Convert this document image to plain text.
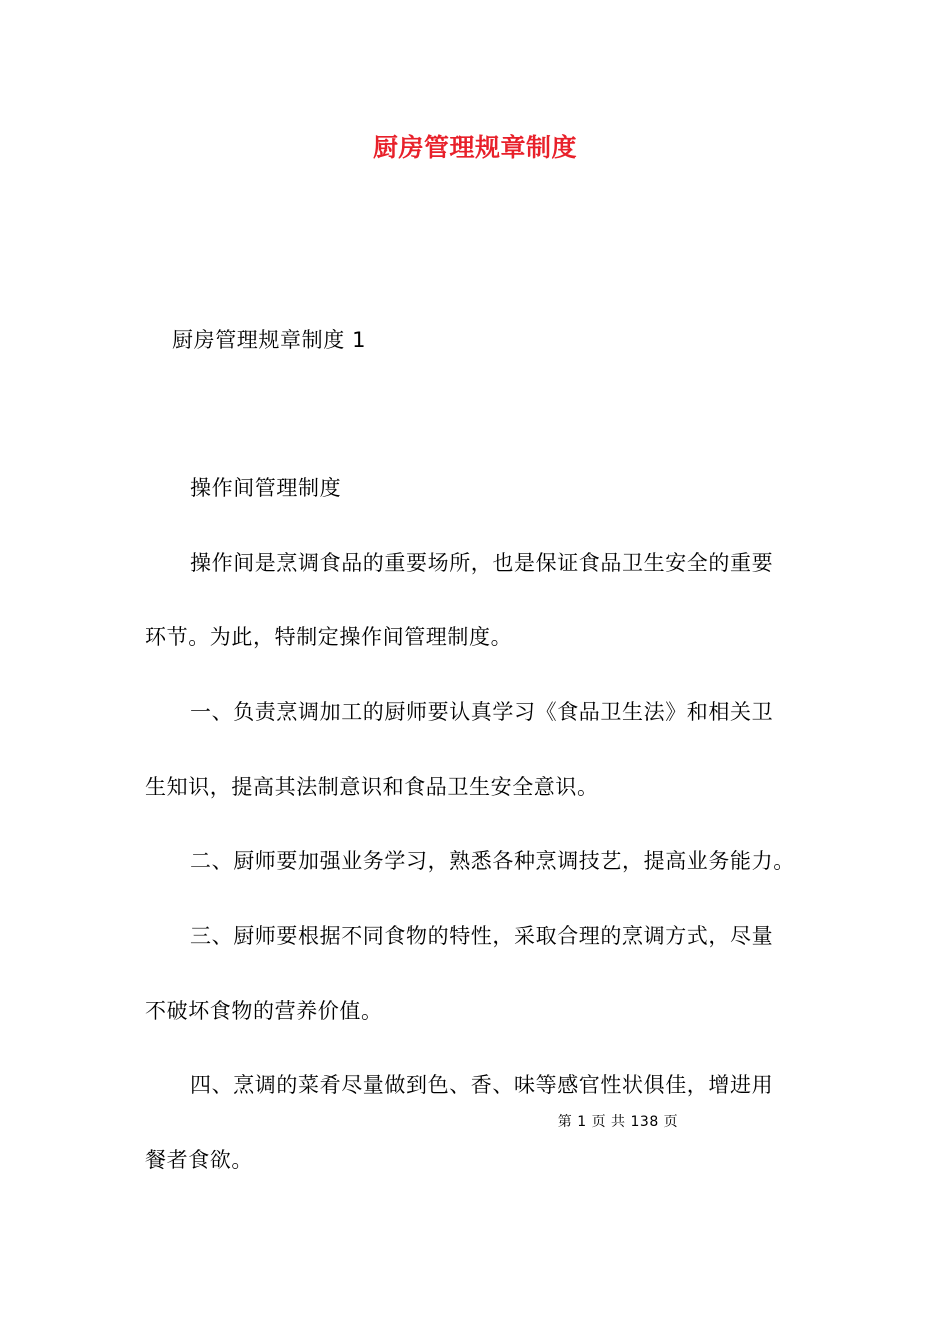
厨房管理规章制度
厨房管理规章制度 1
操作间管理制度
操作间是烹调食品的重要场所，也是保证食品卫生安全的重要
环节。为此，特制定操作间管理制度。
一、负责烹调加工的厨师要认真学习《食品卫生法》和相关卫
生知识，提高其法制意识和食品卫生安全意识。
二、厨师要加强业务学习，熟悉各种烹调技艺，提高业务能力。
三、厨师要根据不同食物的特性，采取合理的烹调方式，尽量
不破坏食物的营养价值。
四、烹调的菜肴尽量做到色、香、味等感官性状俱佳，增进用
第 1 页 共 138 页
餐者食欲。
